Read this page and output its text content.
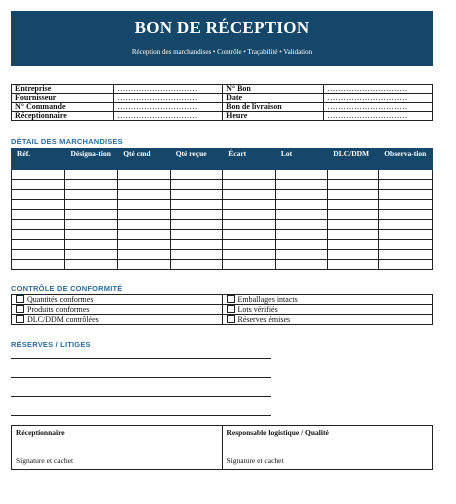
BON DE RÉCEPTION
Réception des marchandises • Contrôle • Traçabilité • Validation
Entreprise	…………………………	N° Bon	…………………………
Fournisseur	…………………………	Date	…………………………
N° Commande	…………………………	Bon de livraison	…………………………
Réceptionnaire	…………………………	Heure	…………………………
DÉTAIL DES MARCHANDISES
Réf.	Désigna-tion	Qté cmd	Qté reçue	Écart	Lot	DLC/DDM	Observa-tion

CONTRÔLE DE CONFORMITÉ
Quantités conformes	Emballages intacts
Produits conformes	Lots vérifiés
DLC/DDM contrôlées	Réserves émises
RÉSERVES / LITIGES
Réceptionnaire
Signature et cachet

Responsable logistique / Qualité
Signature et cachet
